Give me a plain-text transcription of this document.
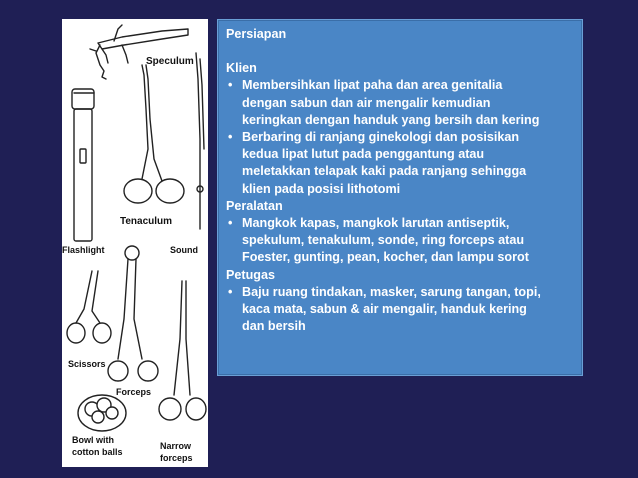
Speculum
Tenaculum
Flashlight	Sound
Scissors
Forceps
Bowl with
cotton balls
Narrow
forceps
Persiapan
Klien
• Membersihkan lipat paha dan area genitalia
dengan sabun dan air mengalir kemudian
keringkan dengan handuk yang bersih dan kering
• Berbaring di ranjang ginekologi dan posisikan
kedua lipat lutut pada penggantung atau
meletakkan telapak kaki pada ranjang sehingga
klien pada posisi lithotomi
Peralatan
• Mangkok kapas, mangkok larutan antiseptik,
spekulum, tenakulum, sonde, ring forceps atau
Foester, gunting, pean, kocher, dan lampu sorot
Petugas
• Baju ruang tindakan, masker, sarung tangan, topi,
kaca mata, sabun & air mengalir, handuk kering
dan bersih
